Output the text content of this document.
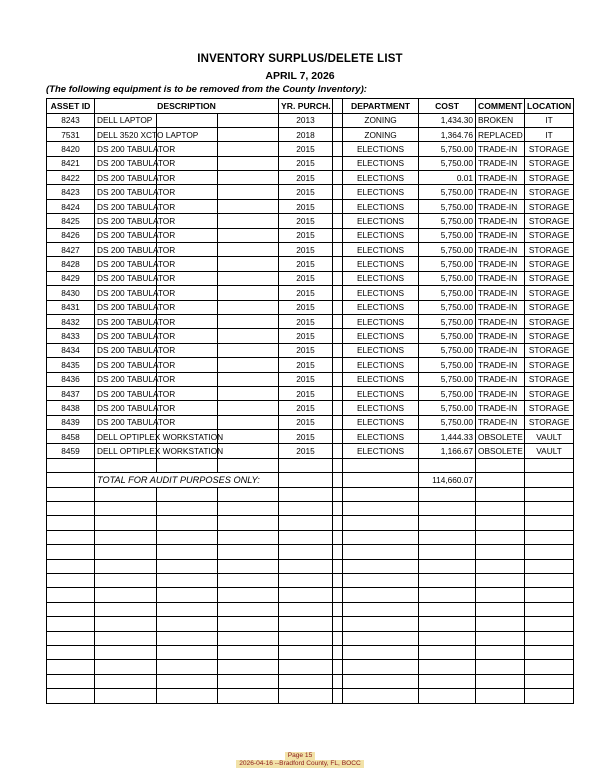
INVENTORY SURPLUS/DELETE LIST
APRIL 7, 2026
(The following equipment is to be removed from the County Inventory):
ASSET ID	DESCRIPTION			YR. PURCH.		DEPARTMENT	COST	COMMENT	LOCATION
8243	DELL LAPTOP			2013		ZONING	1,434.30	BROKEN	IT
7531	DELL 3520 XCTO LAPTOP			2018		ZONING	1,364.76	REPLACED	IT
8420	DS 200 TABULATOR			2015		ELECTIONS	5,750.00	TRADE-IN	STORAGE
8421	DS 200 TABULATOR			2015		ELECTIONS	5,750.00	TRADE-IN	STORAGE
8422	DS 200 TABULATOR			2015		ELECTIONS	0.01	TRADE-IN	STORAGE
8423	DS 200 TABULATOR			2015		ELECTIONS	5,750.00	TRADE-IN	STORAGE
8424	DS 200 TABULATOR			2015		ELECTIONS	5,750.00	TRADE-IN	STORAGE
8425	DS 200 TABULATOR			2015		ELECTIONS	5,750.00	TRADE-IN	STORAGE
8426	DS 200 TABULATOR			2015		ELECTIONS	5,750.00	TRADE-IN	STORAGE
8427	DS 200 TABULATOR			2015		ELECTIONS	5,750.00	TRADE-IN	STORAGE
8428	DS 200 TABULATOR			2015		ELECTIONS	5,750.00	TRADE-IN	STORAGE
8429	DS 200 TABULATOR			2015		ELECTIONS	5,750.00	TRADE-IN	STORAGE
8430	DS 200 TABULATOR			2015		ELECTIONS	5,750.00	TRADE-IN	STORAGE
8431	DS 200 TABULATOR			2015		ELECTIONS	5,750.00	TRADE-IN	STORAGE
8432	DS 200 TABULATOR			2015		ELECTIONS	5,750.00	TRADE-IN	STORAGE
8433	DS 200 TABULATOR			2015		ELECTIONS	5,750.00	TRADE-IN	STORAGE
8434	DS 200 TABULATOR			2015		ELECTIONS	5,750.00	TRADE-IN	STORAGE
8435	DS 200 TABULATOR			2015		ELECTIONS	5,750.00	TRADE-IN	STORAGE
8436	DS 200 TABULATOR			2015		ELECTIONS	5,750.00	TRADE-IN	STORAGE
8437	DS 200 TABULATOR			2015		ELECTIONS	5,750.00	TRADE-IN	STORAGE
8438	DS 200 TABULATOR			2015		ELECTIONS	5,750.00	TRADE-IN	STORAGE
8439	DS 200 TABULATOR			2015		ELECTIONS	5,750.00	TRADE-IN	STORAGE
8458	DELL OPTIPLEX WORKSTATION			2015		ELECTIONS	1,444.33	OBSOLETE	VAULT
8459	DELL OPTIPLEX WORKSTATION			2015		ELECTIONS	1,166.67	OBSOLETE	VAULT

	TOTAL FOR AUDIT PURPOSES ONLY:						114,660.07		

Page 15
2026-04-16 --Bradford County, FL, BOCC
